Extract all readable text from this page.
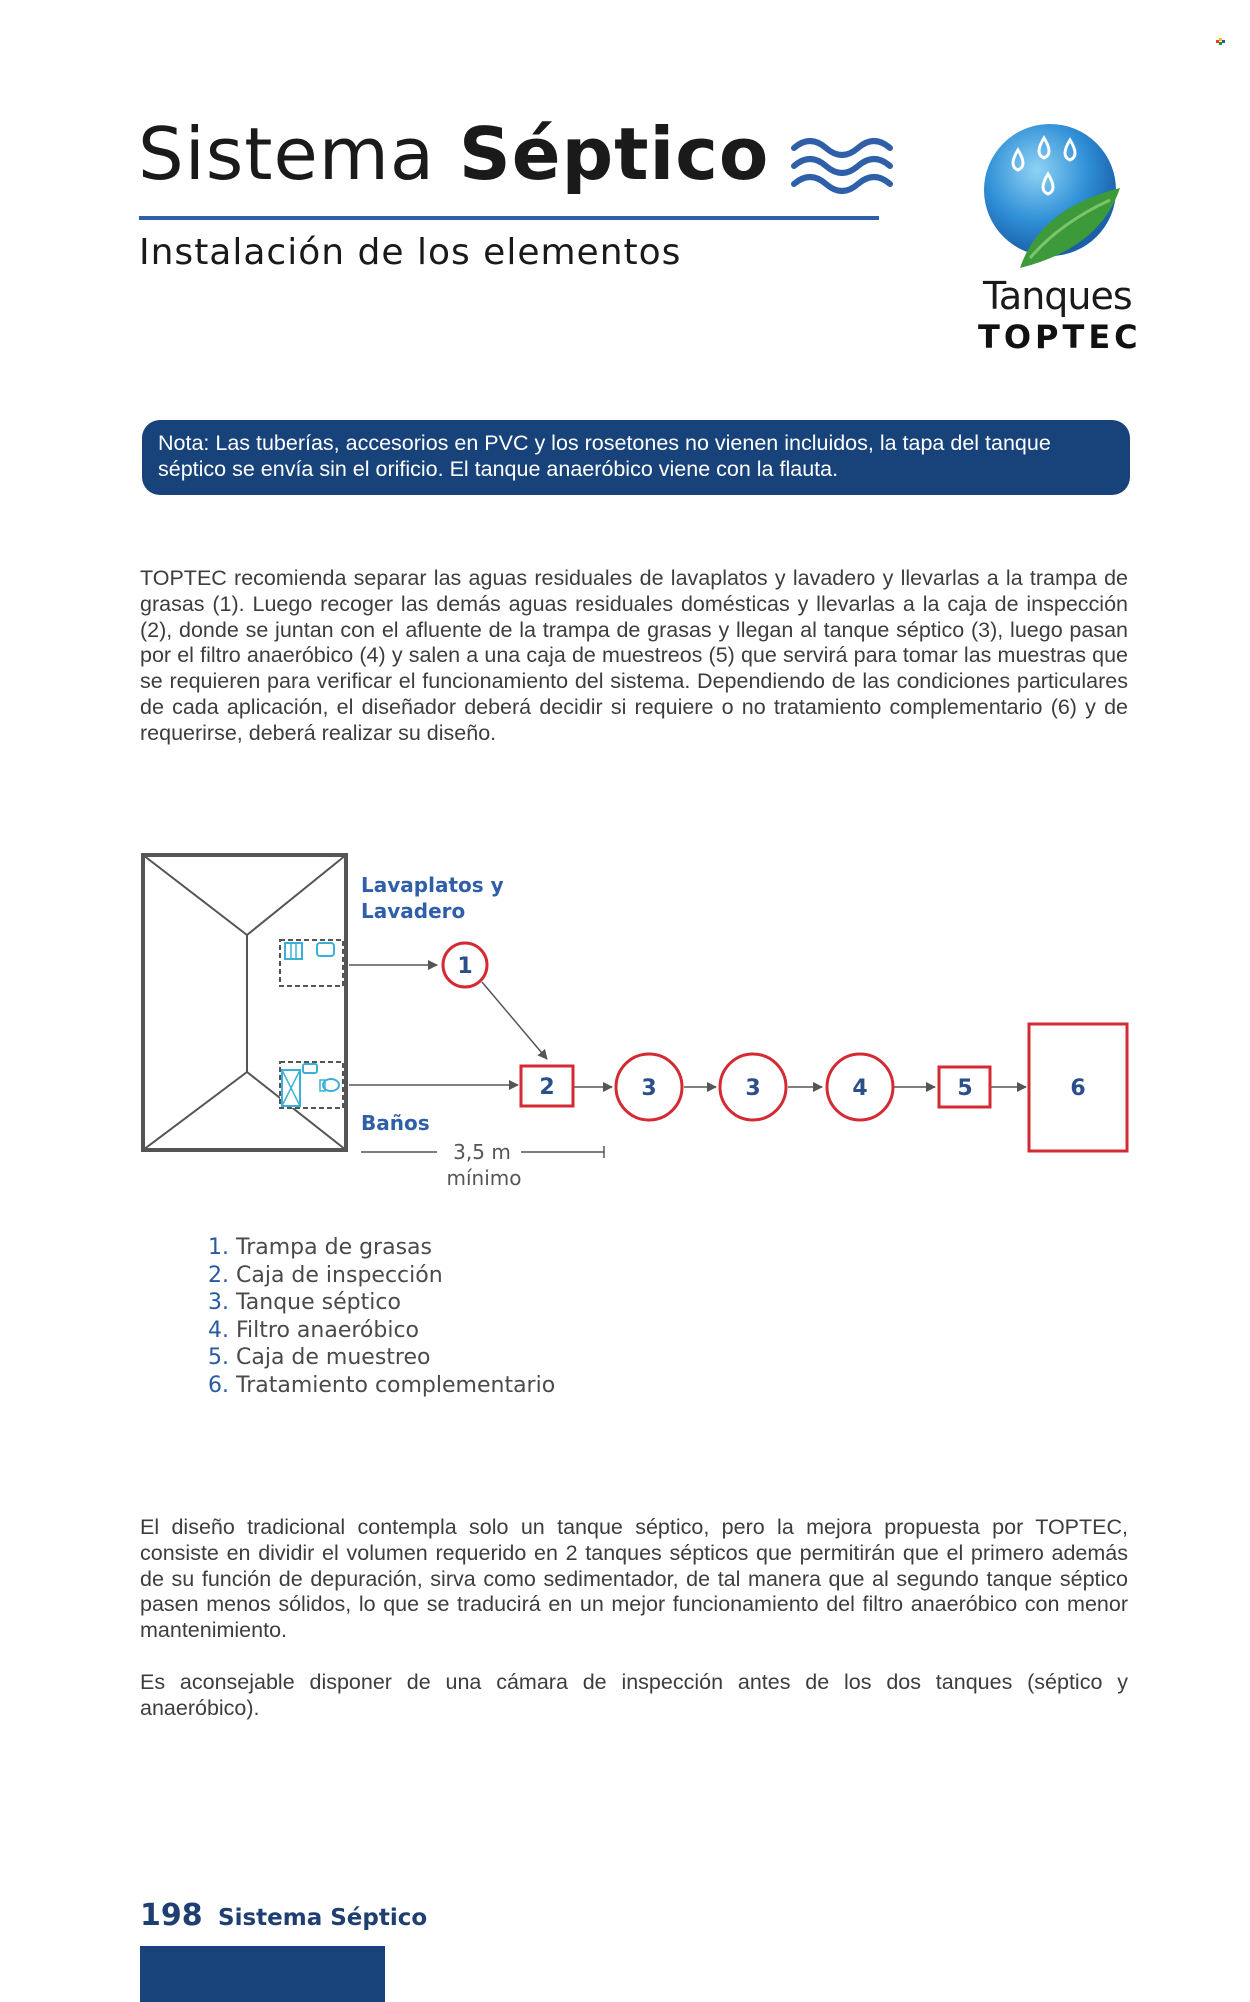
Sistema Séptico
Instalación de los elementos
Tanques
TOPTEC
Nota: Las tuberías, accesorios en PVC y los rosetones no vienen incluidos, la tapa del tanque séptico se envía sin el orificio. El tanque anaeróbico viene con la flauta.
TOPTEC recomienda separar las aguas residuales de lavaplatos y lavadero y llevarlas a la trampa de grasas (1). Luego recoger las demás aguas residuales domésticas y llevarlas a la caja de inspección (2), donde se juntan con el afluente de la trampa de grasas y llegan al tanque séptico (3), luego pasan por el filtro anaeróbico (4) y salen a una caja de muestreos (5) que servirá para tomar las muestras que se requieren para verificar el funcionamiento del sistema. Dependiendo de las condiciones particulares de cada aplicación, el diseñador deberá decidir si requiere o no tratamiento complementario (6) y de requerirse, deberá realizar su diseño.
Lavaplatos y
Lavadero
Baños
1
2	3	3	4	5	6
3,5 m
mínimo
1. Trampa de grasas
2. Caja de inspección
3. Tanque séptico
4. Filtro anaeróbico
5. Caja de muestreo
6. Tratamiento complementario
El diseño tradicional contempla solo un tanque séptico, pero la mejora propuesta por TOPTEC, consiste en dividir el volumen requerido en 2 tanques sépticos que permitirán que el primero además de su función de depuración, sirva como sedimentador, de tal manera que al segundo tanque séptico pasen menos sólidos, lo que se traducirá en un mejor funcionamiento del filtro anaeróbico con menor mantenimiento.
Es aconsejable disponer de una cámara de inspección antes de los dos tanques (séptico y anaeróbico).
198 Sistema Séptico
